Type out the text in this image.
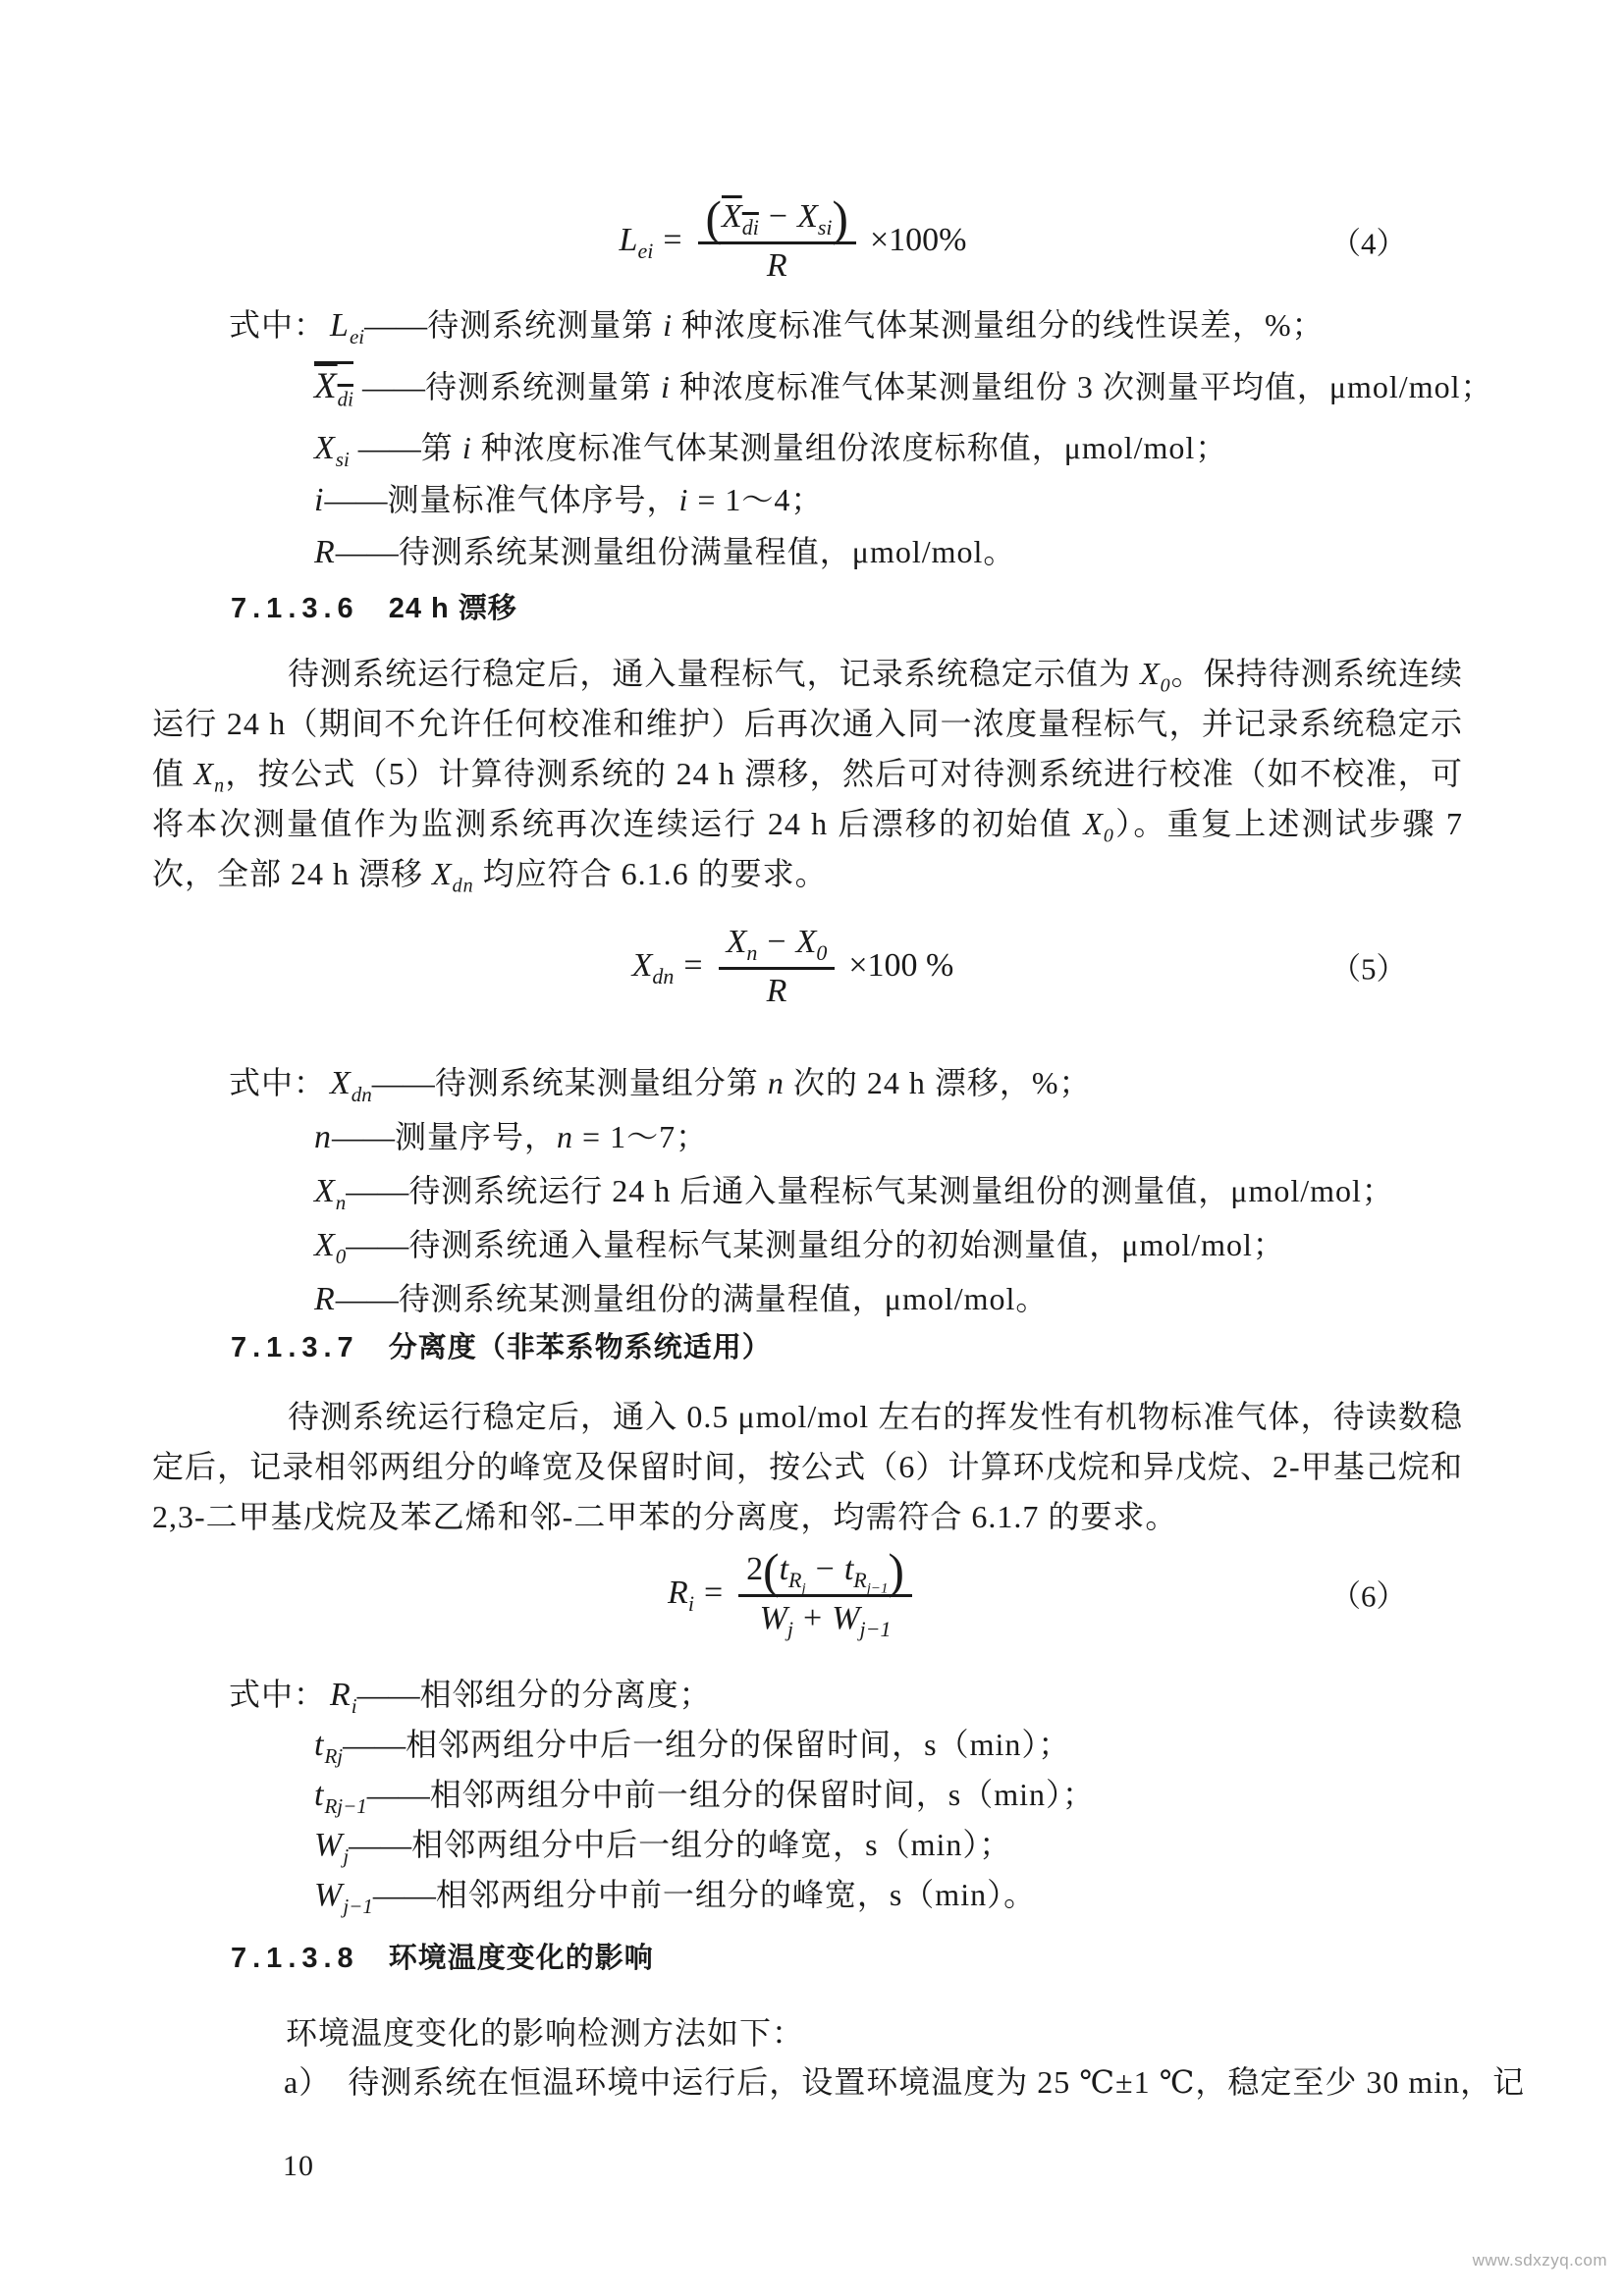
$L_{ei} = \frac{(X_{di} - X_{si})}{R} \times 100\%$	（4）
式中： $L_{ei}——$待测系统测量第 i 种浓度标准气体某测量组分的线性误差，%；
$X_{di}$ ——待测系统测量第 i 种浓度标准气体某测量组份 3 次测量平均值，μmol/mol；
$X_{si}$ ——第 i 种浓度标准气体某测量组份浓度标称值，μmol/mol；
i——测量标准气体序号，i = 1～4；
R——待测系统某测量组份满量程值，μmol/mol。
7.1.3.6 24 h 漂移
待测系统运行稳定后，通入量程标气，记录系统稳定示值为 $X_0$。保持待测系统连续运行 24 h（期间不允许任何校准和维护）后再次通入同一浓度量程标气，并记录系统稳定示值 $X_n$，按公式（5）计算待测系统的 24 h 漂移，然后可对待测系统进行校准（如不校准，可将本次测量值作为监测系统再次连续运行 24 h 后漂移的初始值 $X_0$）。重复上述测试步骤 7 次，全部 24 h 漂移 $X_{dn}$ 均应符合 6.1.6 的要求。
$X_{dn} = \frac{X_n - X_0}{R} \times 100$ %	（5）
式中： $X_{dn}——$待测系统某测量组分第 n 次的 24 h 漂移，%；
n——测量序号，n = 1～7；
$X_n——$待测系统运行 24 h 后通入量程标气某测量组份的测量值，μmol/mol；
$X_0——$待测系统通入量程标气某测量组分的初始测量值，μmol/mol；
R——待测系统某测量组份的满量程值，μmol/mol。
7.1.3.7 分离度（非苯系物系统适用）
待测系统运行稳定后，通入 0.5 μmol/mol 左右的挥发性有机物标准气体，待读数稳定后，记录相邻两组分的峰宽及保留时间，按公式（6）计算环戊烷和异戊烷、2-甲基己烷和 2,3-二甲基戊烷及苯乙烯和邻-二甲苯的分离度，均需符合 6.1.7 的要求。
$R_i = \frac{2(t_{R_j}- t_{R_{j-1}})}{W_j + W_{j-1}}$	（6）
式中： $R_i——$相邻组分的分离度；
$t_{Rj}——$相邻两组分中后一组分的保留时间，s（min）；
$t_{Rj-1}——$相邻两组分中前一组分的保留时间，s（min）；
$W_j——$相邻两组分中后一组分的峰宽，s（min）；
$W_{j-1}——$相邻两组分中前一组分的峰宽，s（min）。
7.1.3.8 环境温度变化的影响
环境温度变化的影响检测方法如下：
a）　待测系统在恒温环境中运行后，设置环境温度为 25 ℃±1 ℃，稳定至少 30 min，记
10
www.sdxzyq.com
